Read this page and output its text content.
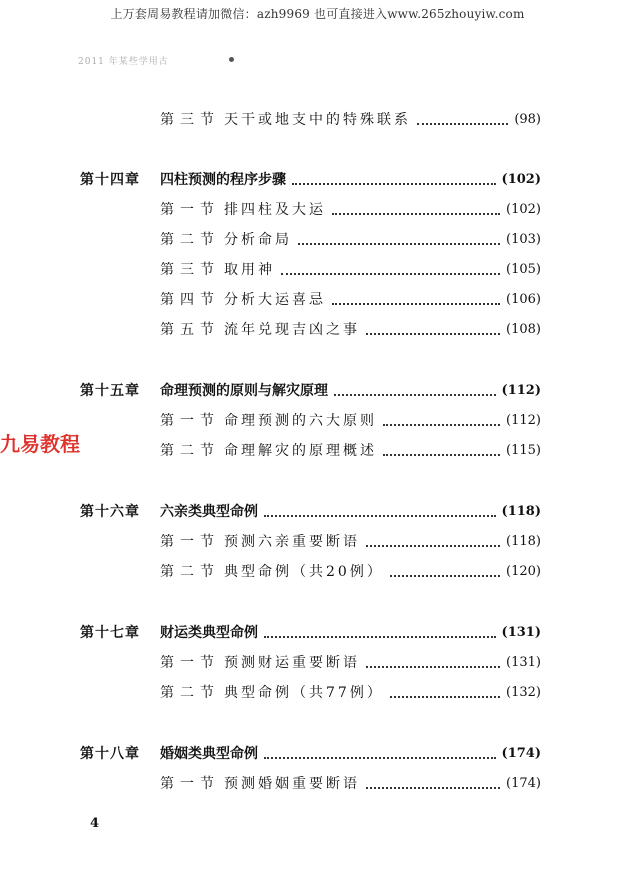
上万套周易教程请加微信：azh9969 也可直接进入www.265zhouyiw.com
2011 年某些学用古
九易教程
第三节 天干或地支中的特殊联系	(98)
第十四章	四柱预测的程序步骤	(102)
第一节 排四柱及大运	(102)
第二节 分析命局	(103)
第三节 取用神	(105)
第四节 分析大运喜忌	(106)
第五节 流年兑现吉凶之事	(108)
第十五章	命理预测的原则与解灾原理	(112)
第一节 命理预测的六大原则	(112)
第二节 命理解灾的原理概述	(115)
第十六章	六亲类典型命例	(118)
第一节 预测六亲重要断语	(118)
第二节 典型命例（共20例）	(120)
第十七章	财运类典型命例	(131)
第一节 预测财运重要断语	(131)
第二节 典型命例（共77例）	(132)
第十八章	婚姻类典型命例	(174)
第一节 预测婚姻重要断语	(174)
4
